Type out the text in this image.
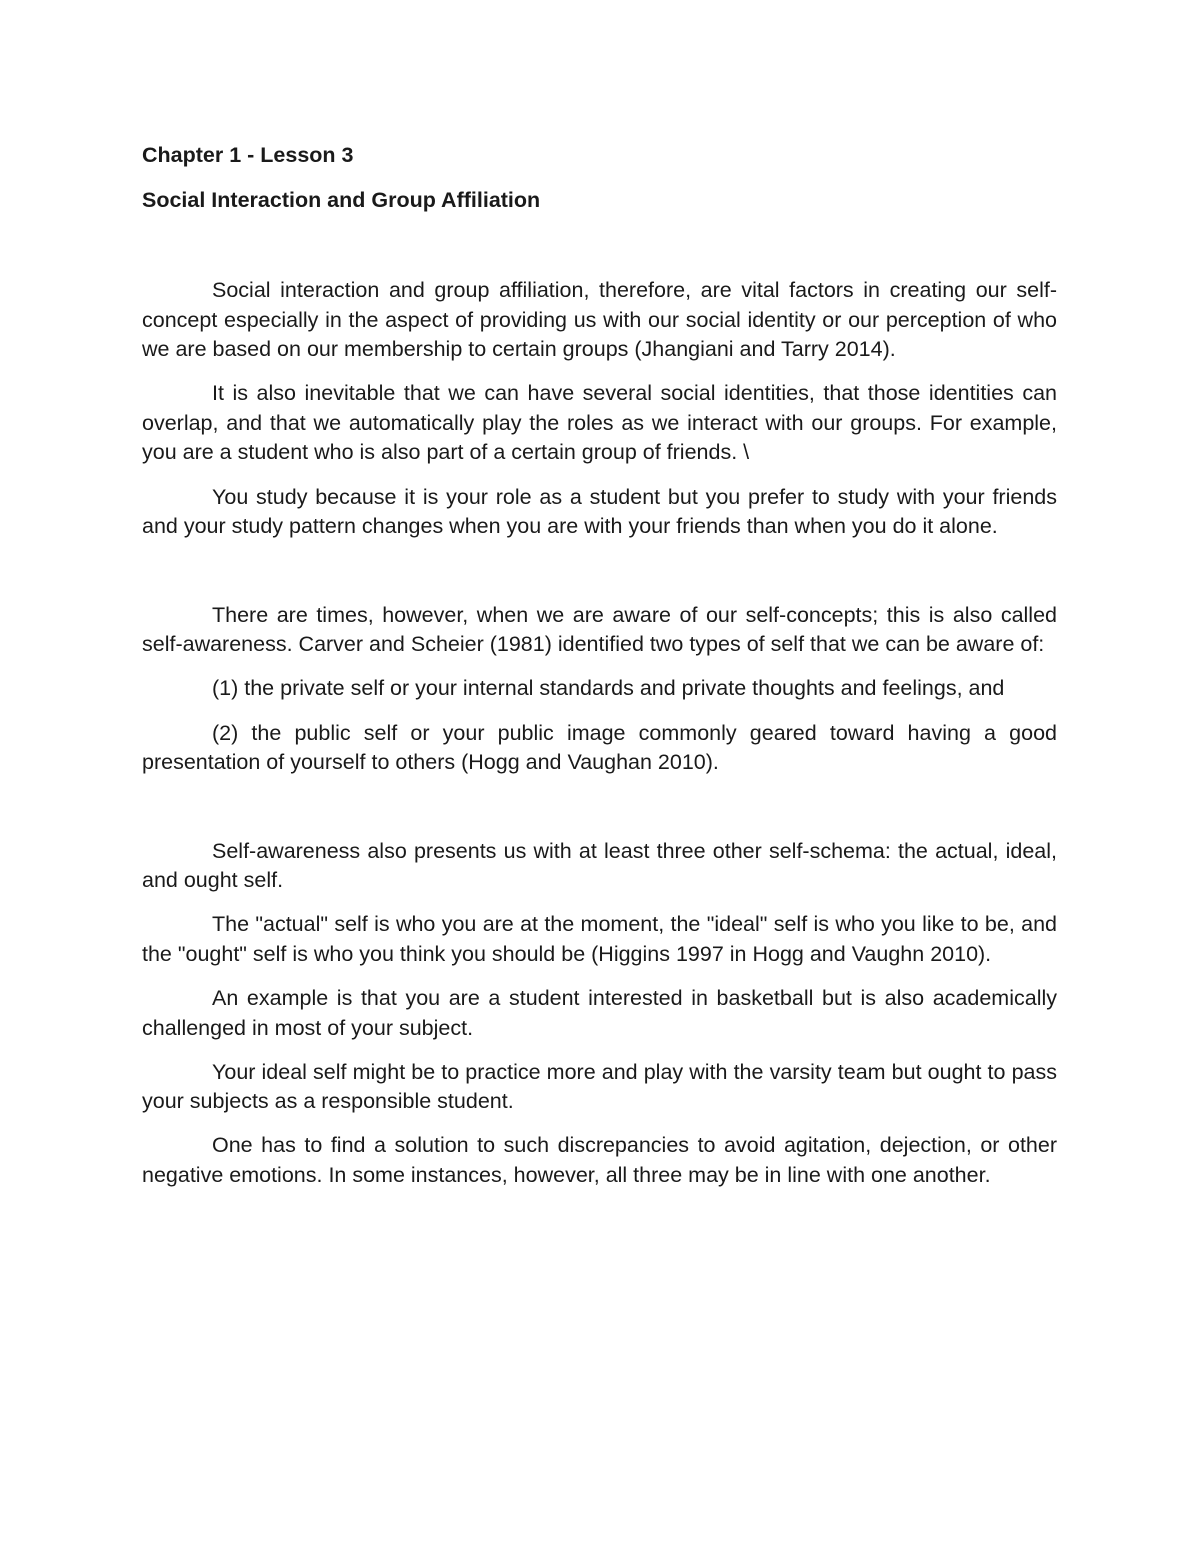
Chapter 1 - Lesson 3

Social Interaction and Group Affiliation

Social interaction and group affiliation, therefore, are vital factors in creating our self-concept especially in the aspect of providing us with our social identity or our perception of who we are based on our membership to certain groups (Jhangiani and Tarry 2014).

It is also inevitable that we can have several social identities, that those identities can overlap, and that we automatically play the roles as we interact with our groups. For example, you are a student who is also part of a certain group of friends. \

You study because it is your role as a student but you prefer to study with your friends and your study pattern changes when you are with your friends than when you do it alone.

There are times, however, when we are aware of our self-concepts; this is also called self-awareness. Carver and Scheier (1981) identified two types of self that we can be aware of:

(1) the private self or your internal standards and private thoughts and feelings, and

(2) the public self or your public image commonly geared toward having a good presentation of yourself to others (Hogg and Vaughan 2010).

Self-awareness also presents us with at least three other self-schema: the actual, ideal, and ought self.

The "actual" self is who you are at the moment, the "ideal" self is who you like to be, and the "ought" self is who you think you should be (Higgins 1997 in Hogg and Vaughn 2010).

An example is that you are a student interested in basketball but is also academically challenged in most of your subject.

Your ideal self might be to practice more and play with the varsity team but ought to pass your subjects as a responsible student.

One has to find a solution to such discrepancies to avoid agitation, dejection, or other negative emotions. In some instances, however, all three may be in line with one another.
